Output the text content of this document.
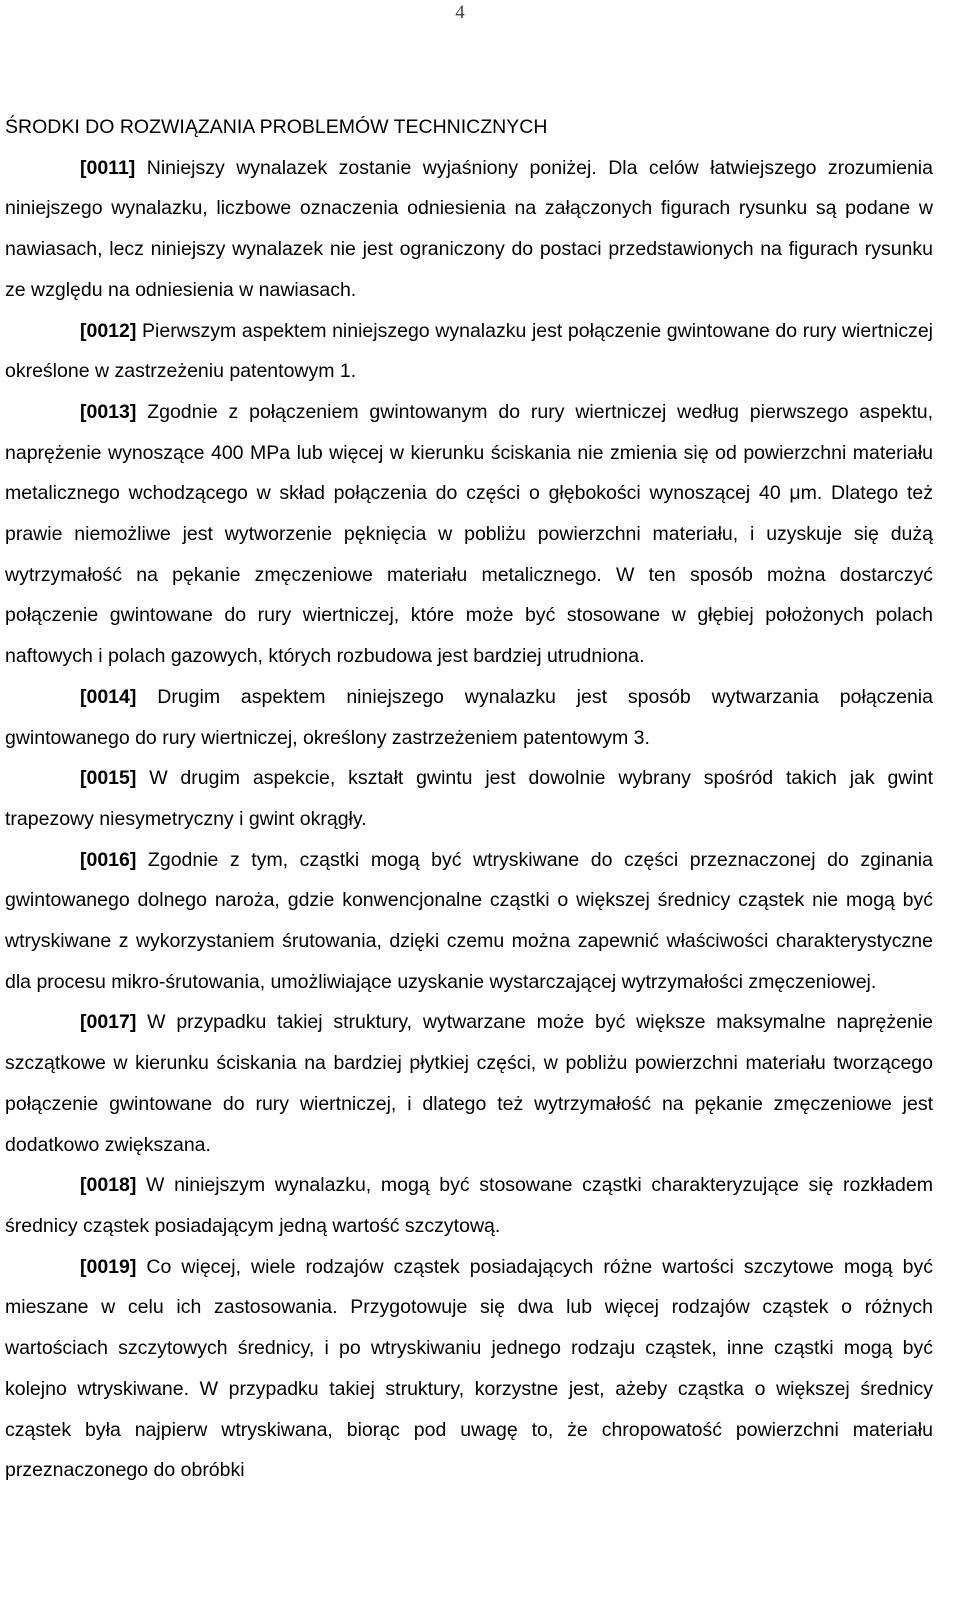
4
ŚRODKI DO ROZWIĄZANIA PROBLEMÓW TECHNICZNYCH

[0011] Niniejszy wynalazek zostanie wyjaśniony poniżej. Dla celów łatwiejszego zrozumienia niniejszego wynalazku, liczbowe oznaczenia odniesienia na załączonych figurach rysunku są podane w nawiasach, lecz niniejszy wynalazek nie jest ograniczony do postaci przedstawionych na figurach rysunku ze względu na odniesienia w nawiasach.

[0012] Pierwszym aspektem niniejszego wynalazku jest połączenie gwintowane do rury wiertniczej określone w zastrzeżeniu patentowym 1.

[0013] Zgodnie z połączeniem gwintowanym do rury wiertniczej według pierwszego aspektu, naprężenie wynoszące 400 MPa lub więcej w kierunku ściskania nie zmienia się od powierzchni materiału metalicznego wchodzącego w skład połączenia do części o głębokości wynoszącej 40 μm. Dlatego też prawie niemożliwe jest wytworzenie pęknięcia w pobliżu powierzchni materiału, i uzyskuje się dużą wytrzymałość na pękanie zmęczeniowe materiału metalicznego. W ten sposób można dostarczyć połączenie gwintowane do rury wiertniczej, które może być stosowane w głębiej położonych polach naftowych i polach gazowych, których rozbudowa jest bardziej utrudniona.

[0014] Drugim aspektem niniejszego wynalazku jest sposób wytwarzania połączenia gwintowanego do rury wiertniczej, określony zastrzeżeniem patentowym 3.

[0015] W drugim aspekcie, kształt gwintu jest dowolnie wybrany spośród takich jak gwint trapezowy niesymetryczny i gwint okrągły.

[0016] Zgodnie z tym, cząstki mogą być wtryskiwane do części przeznaczonej do zginania gwintowanego dolnego naroża, gdzie konwencjonalne cząstki o większej średnicy cząstek nie mogą być wtryskiwane z wykorzystaniem śrutowania, dzięki czemu można zapewnić właściwości charakterystyczne dla procesu mikro-śrutowania, umożliwiające uzyskanie wystarczającej wytrzymałości zmęczeniowej.

[0017] W przypadku takiej struktury, wytwarzane może być większe maksymalne naprężenie szczątkowe w kierunku ściskania na bardziej płytkiej części, w pobliżu powierzchni materiału tworzącego połączenie gwintowane do rury wiertniczej, i dlatego też wytrzymałość na pękanie zmęczeniowe jest dodatkowo zwiększana.

[0018] W niniejszym wynalazku, mogą być stosowane cząstki charakteryzujące się rozkładem średnicy cząstek posiadającym jedną wartość szczytową.

[0019] Co więcej, wiele rodzajów cząstek posiadających różne wartości szczytowe mogą być mieszane w celu ich zastosowania. Przygotowuje się dwa lub więcej rodzajów cząstek o różnych wartościach szczytowych średnicy, i po wtryskiwaniu jednego rodzaju cząstek, inne cząstki mogą być kolejno wtryskiwane. W przypadku takiej struktury, korzystne jest, ażeby cząstka o większej średnicy cząstek była najpierw wtryskiwana, biorąc pod uwagę to, że chropowatość powierzchni materiału przeznaczonego do obróbki
